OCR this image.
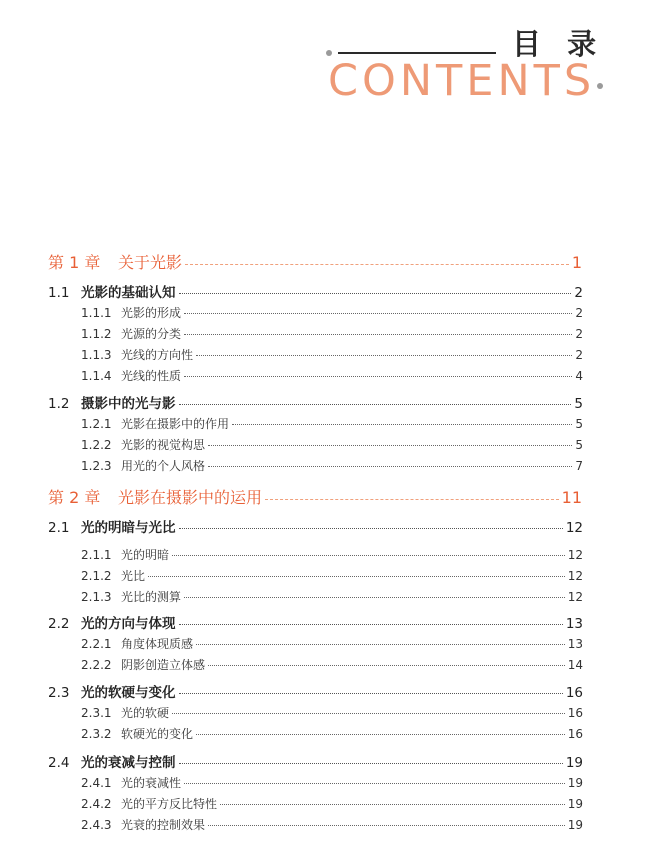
目 录
CONTENTS
第 1 章	关于光影	1
1.1 光影的基础认知	2
1.1.1 光影的形成	2
1.1.2 光源的分类	2
1.1.3 光线的方向性	2
1.1.4 光线的性质	4
1.2 摄影中的光与影	5
1.2.1 光影在摄影中的作用	5
1.2.2 光影的视觉构思	5
1.2.3 用光的个人风格	7
第 2 章	光影在摄影中的运用	11
2.1 光的明暗与光比	12
2.1.1 光的明暗	12
2.1.2 光比	12
2.1.3 光比的测算	12
2.2 光的方向与体现	13
2.2.1 角度体现质感	13
2.2.2 阴影创造立体感	14
2.3 光的软硬与变化	16
2.3.1 光的软硬	16
2.3.2 软硬光的变化	16
2.4 光的衰减与控制	19
2.4.1 光的衰减性	19
2.4.2 光的平方反比特性	19
2.4.3 光衰的控制效果	19
